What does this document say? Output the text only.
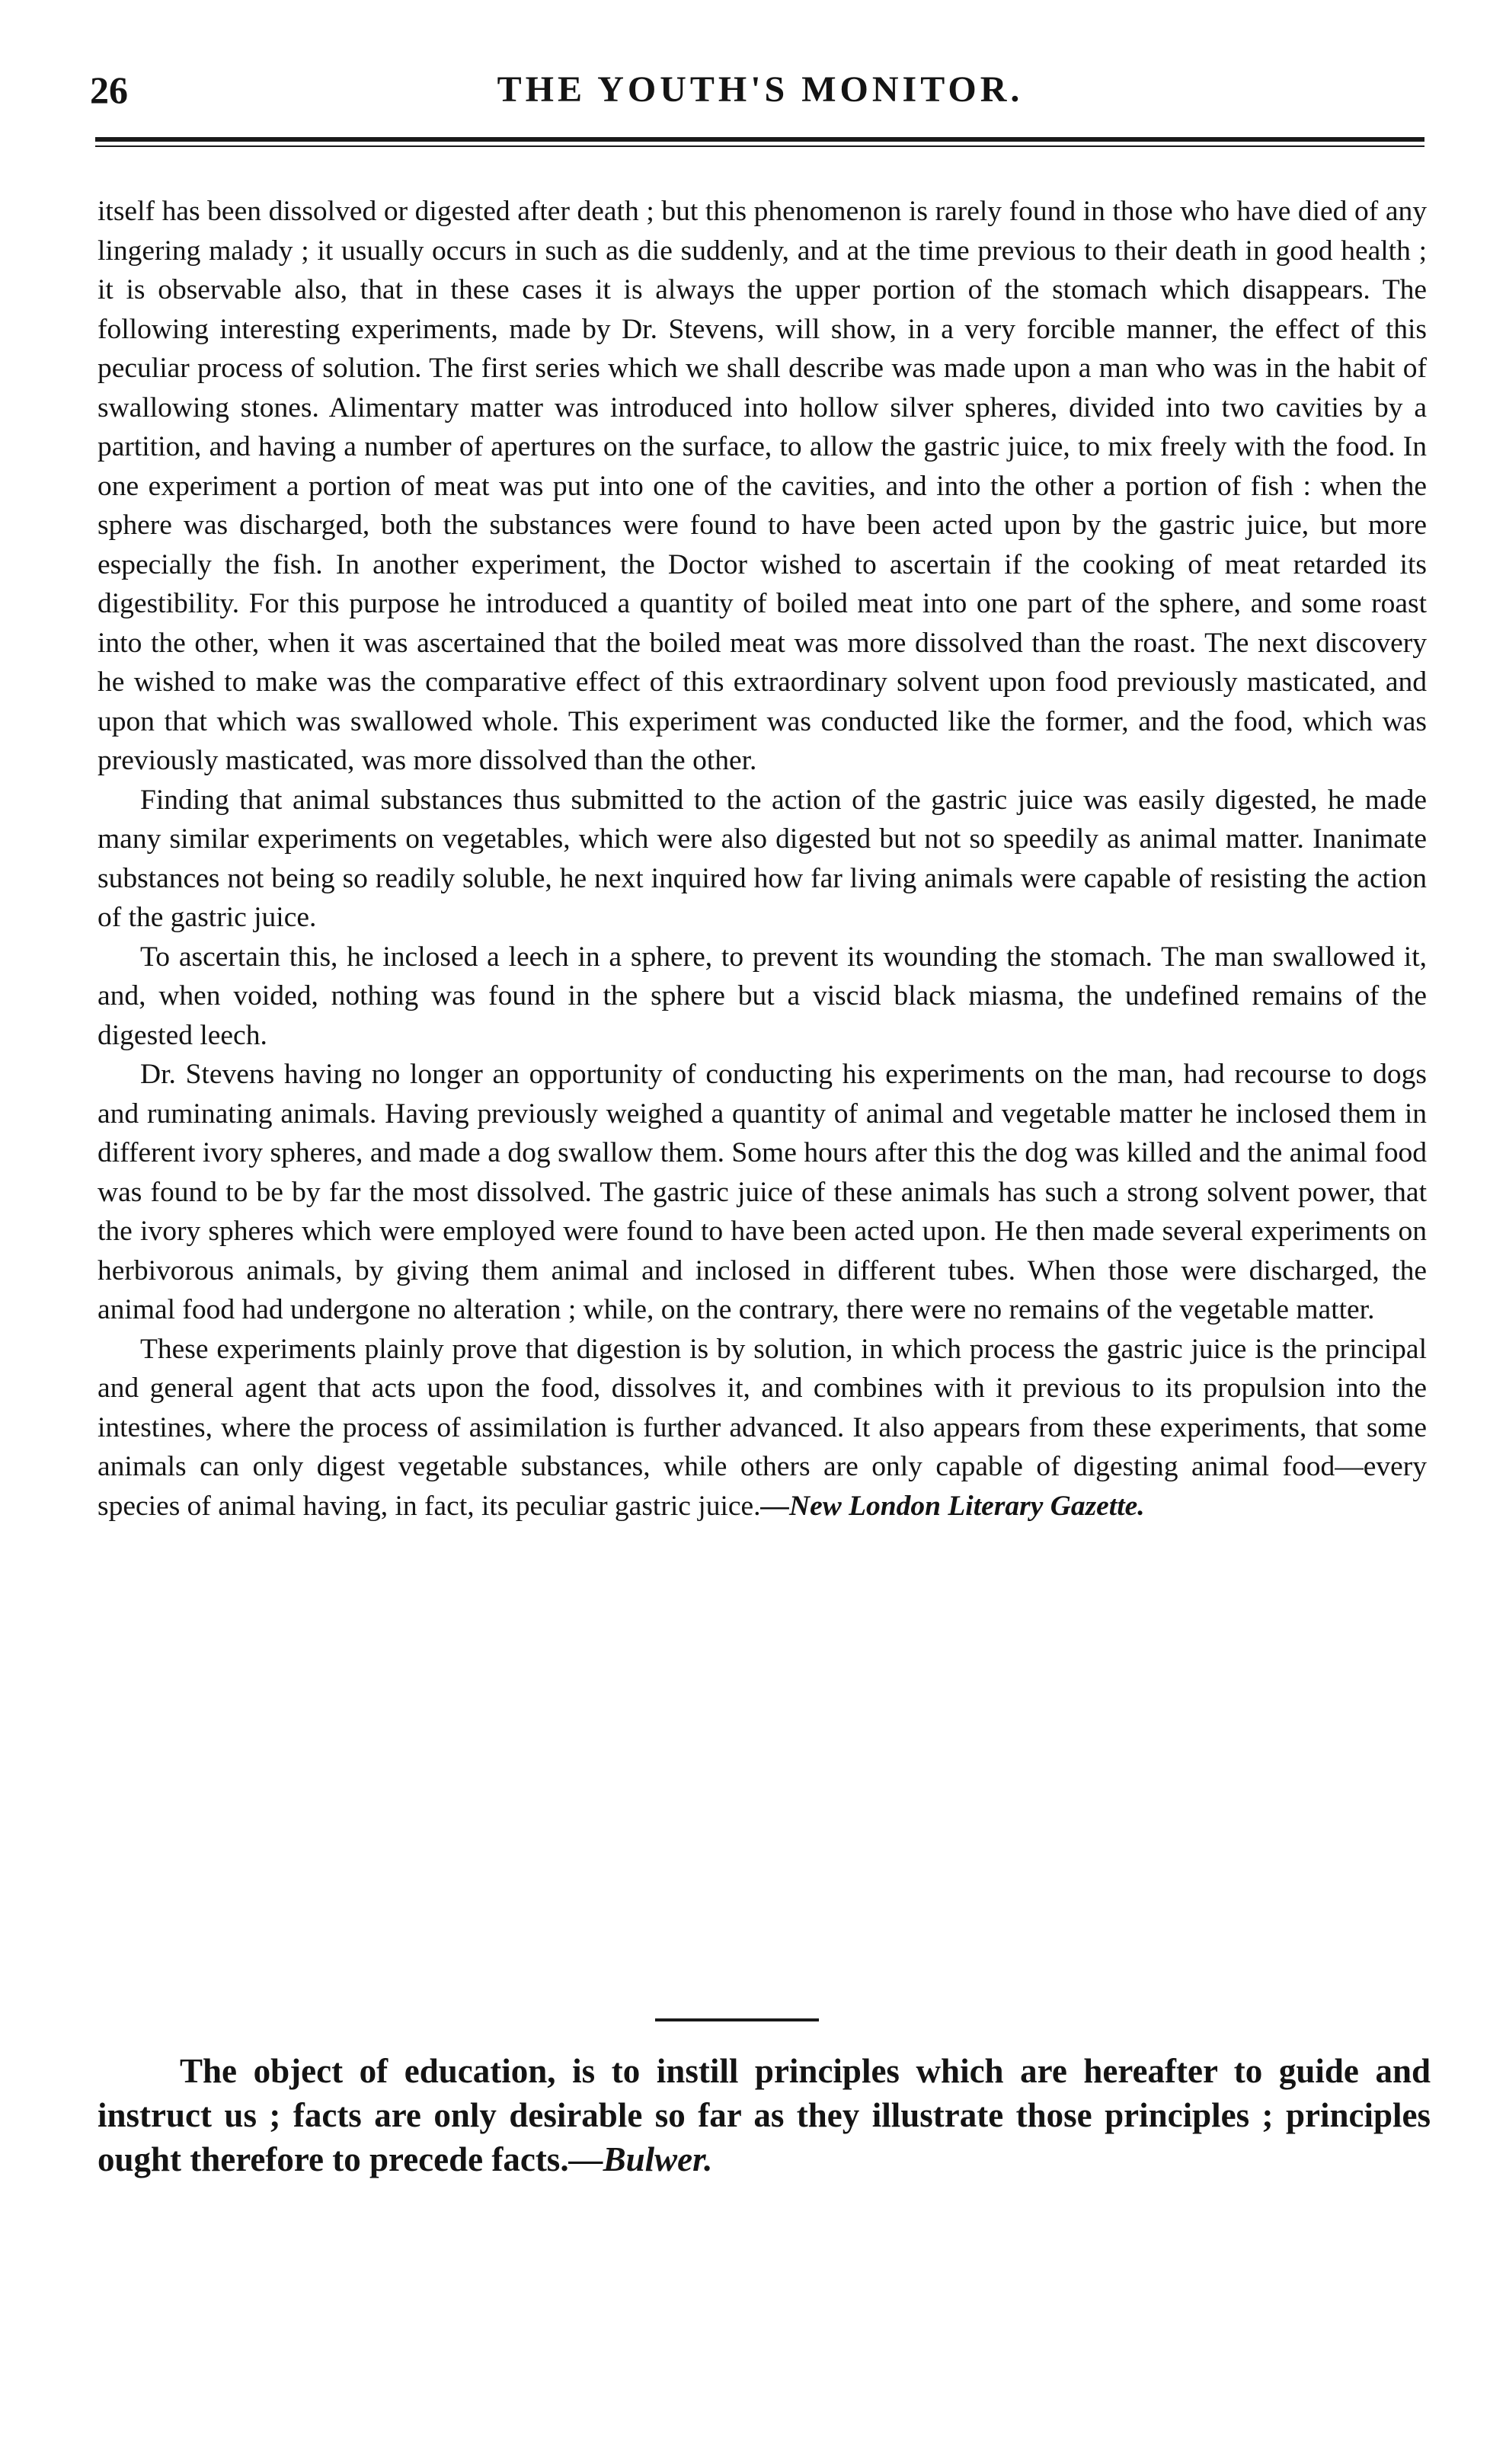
26	THE YOUTH'S MONITOR.

itself has been dissolved or digested after death ; but this phenomenon is rarely found in those who have died of any lingering malady ; it usually occurs in such as die suddenly, and at the time previous to their death in good health ; it is observable also, that in these cases it is always the upper portion of the stomach which disappears. The following interesting experiments, made by Dr. Stevens, will show, in a very forcible manner, the effect of this peculiar process of solution. The first series which we shall describe was made upon a man who was in the habit of swallowing stones. Alimentary matter was introduced into hollow silver spheres, divided into two cavities by a partition, and having a number of apertures on the surface, to allow the gastric juice, to mix freely with the food. In one experiment a portion of meat was put into one of the cavities, and into the other a portion of fish : when the sphere was discharged, both the substances were found to have been acted upon by the gastric juice, but more especially the fish. In another experiment, the Doctor wished to ascertain if the cooking of meat retarded its digestibility. For this purpose he introduced a quantity of boiled meat into one part of the sphere, and some roast into the other, when it was ascertained that the boiled meat was more dissolved than the roast. The next discovery he wished to make was the comparative effect of this extraordinary solvent upon food previously masticated, and upon that which was swallowed whole. This experiment was conducted like the former, and the food, which was previously masticated, was more dissolved than the other.

Finding that animal substances thus submitted to the action of the gastric juice was easily digested, he made many similar experiments on vegetables, which were also digested but not so speedily as animal matter. Inanimate substances not being so readily soluble, he next inquired how far living animals were capable of resisting the action of the gastric juice.

To ascertain this, he inclosed a leech in a sphere, to prevent its wounding the stomach. The man swallowed it, and, when voided, nothing was found in the sphere but a viscid black miasma, the undefined remains of the digested leech.

Dr. Stevens having no longer an opportunity of conducting his experiments on the man, had recourse to dogs and ruminating animals. Having previously weighed a quantity of animal and vegetable matter he inclosed them in different ivory spheres, and made a dog swallow them. Some hours after this the dog was killed and the animal food was found to be by far the most dissolved. The gastric juice of these animals has such a strong solvent power, that the ivory spheres which were employed were found to have been acted upon. He then made several experiments on herbivorous animals, by giving them animal and inclosed in different tubes. When those were discharged, the animal food had undergone no alteration ; while, on the contrary, there were no remains of the vegetable matter.

These experiments plainly prove that digestion is by solution, in which process the gastric juice is the principal and general agent that acts upon the food, dissolves it, and combines with it previous to its propulsion into the intestines, where the process of assimilation is further advanced. It also appears from these experiments, that some animals can only digest vegetable substances, while others are only capable of digesting animal food—every species of animal having, in fact, its peculiar gastric juice.—New London Literary Gazette.

The object of education, is to instill principles which are hereafter to guide and instruct us ; facts are only desirable so far as they illustrate those principles ; principles ought therefore to precede facts.—Bulwer.
